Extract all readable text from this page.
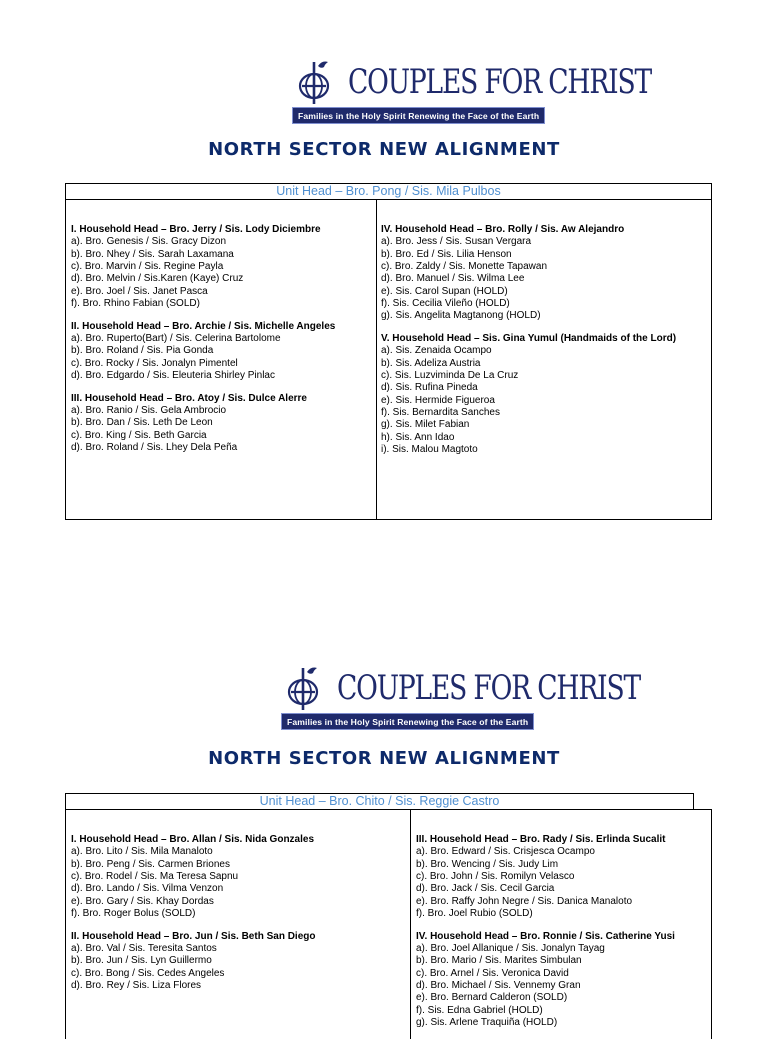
COUPLES FOR CHRIST
Families in the Holy Spirit Renewing the Face of the Earth
NORTH SECTOR NEW ALIGNMENT
Unit Head – Bro. Pong / Sis. Mila Pulbos
I. Household Head – Bro. Jerry / Sis. Lody Diciembre
a). Bro. Genesis / Sis. Gracy Dizon
b). Bro. Nhey / Sis. Sarah Laxamana
c). Bro. Marvin / Sis. Regine Payla
d). Bro. Melvin / Sis.Karen (Kaye) Cruz
e). Bro. Joel / Sis. Janet Pasca
f). Bro. Rhino Fabian (SOLD)
II. Household Head – Bro. Archie / Sis. Michelle Angeles
a). Bro. Ruperto(Bart) / Sis. Celerina Bartolome
b). Bro. Roland / Sis. Pia Gonda
c). Bro. Rocky / Sis. Jonalyn Pimentel
d). Bro. Edgardo / Sis. Eleuteria Shirley Pinlac
III. Household Head – Bro. Atoy / Sis. Dulce Alerre
a). Bro. Ranio / Sis. Gela Ambrocio
b). Bro. Dan / Sis. Leth De Leon
c). Bro. King / Sis. Beth Garcia
d). Bro. Roland / Sis. Lhey Dela Peña
IV. Household Head – Bro. Rolly / Sis. Aw Alejandro
a). Bro. Jess / Sis. Susan Vergara
b). Bro. Ed / Sis. Lilia Henson
c). Bro. Zaldy / Sis. Monette Tapawan
d). Bro. Manuel / Sis. Wilma Lee
e). Sis. Carol Supan (HOLD)
f). Sis. Cecilia Vileño (HOLD)
g). Sis. Angelita Magtanong (HOLD)
V. Household Head – Sis. Gina Yumul (Handmaids of the Lord)
a). Sis. Zenaida Ocampo
b). Sis. Adeliza Austria
c). Sis. Luzviminda De La Cruz
d). Sis. Rufina Pineda
e). Sis. Hermide Figueroa
f). Sis. Bernardita Sanches
g). Sis. Milet Fabian
h). Sis. Ann Idao
i). Sis. Malou Magtoto
COUPLES FOR CHRIST
Families in the Holy Spirit Renewing the Face of the Earth
NORTH SECTOR NEW ALIGNMENT
Unit Head – Bro. Chito / Sis. Reggie Castro
I. Household Head – Bro. Allan / Sis. Nida Gonzales
a). Bro. Lito / Sis. Mila Manaloto
b). Bro. Peng / Sis. Carmen Briones
c). Bro. Rodel / Sis. Ma Teresa Sapnu
d). Bro. Lando / Sis. Vilma Venzon
e). Bro. Gary / Sis. Khay Dordas
f). Bro. Roger Bolus (SOLD)
II. Household Head – Bro. Jun / Sis. Beth San Diego
a). Bro. Val / Sis. Teresita Santos
b). Bro. Jun / Sis. Lyn Guillermo
c). Bro. Bong / Sis. Cedes Angeles
d). Bro. Rey / Sis. Liza Flores
III. Household Head – Bro. Rady / Sis. Erlinda Sucalit
a). Bro. Edward / Sis. Crisjesca Ocampo
b). Bro. Wencing / Sis. Judy Lim
c). Bro. John / Sis. Romilyn Velasco
d). Bro. Jack / Sis. Cecil Garcia
e). Bro. Raffy John Negre / Sis. Danica Manaloto
f). Bro. Joel Rubio (SOLD)
IV. Household Head – Bro. Ronnie / Sis. Catherine Yusi
a). Bro. Joel Allanique / Sis. Jonalyn Tayag
b). Bro. Mario / Sis. Marites Simbulan
c). Bro. Arnel / Sis. Veronica David
d). Bro. Michael / Sis. Vennemy Gran
e). Bro. Bernard Calderon (SOLD)
f). Sis. Edna Gabriel (HOLD)
g). Sis. Arlene Traquiña (HOLD)
